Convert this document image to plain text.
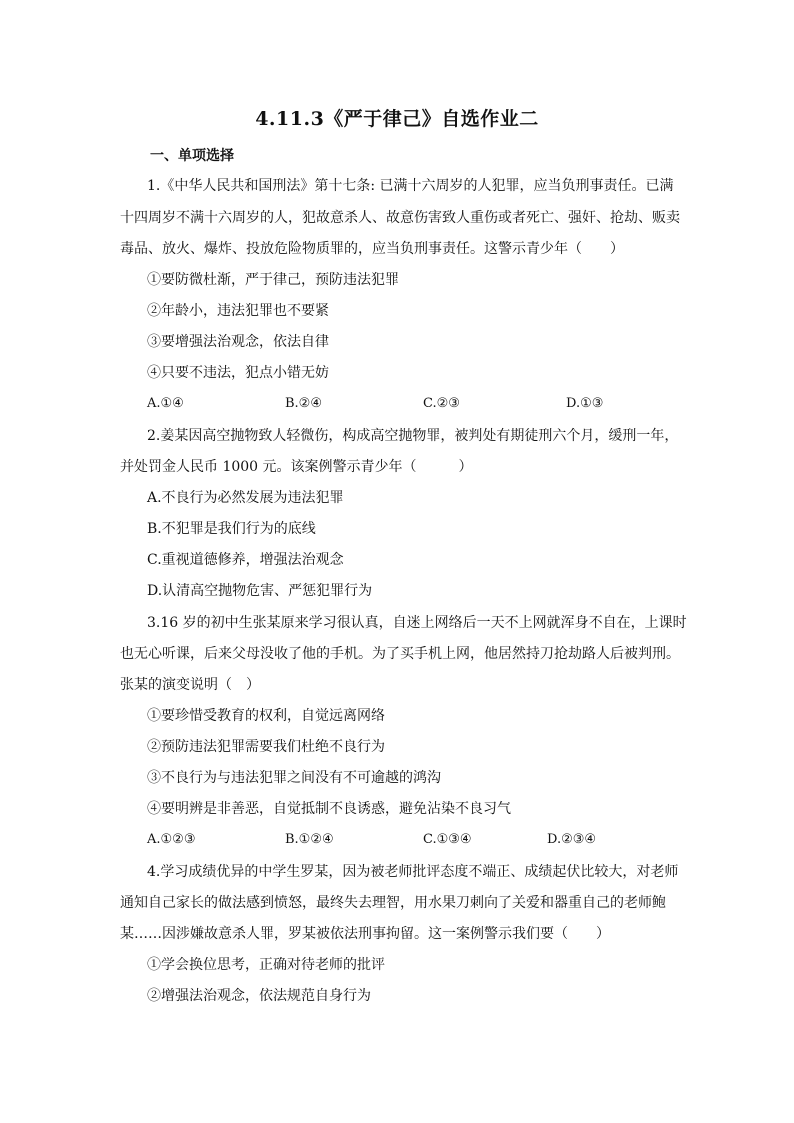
4.11.3《严于律己》自选作业二
一、单项选择
1.《中华人民共和国刑法》第十七条: 已满十六周岁的人犯罪，应当负刑事责任。已满
十四周岁不满十六周岁的人，犯故意杀人、故意伤害致人重伤或者死亡、强奸、抢劫、贩卖
毒品、放火、爆炸、投放危险物质罪的，应当负刑事责任。这警示青少年（　　）
①要防微杜渐，严于律己，预防违法犯罪
②年龄小，违法犯罪也不要紧
③要增强法治观念，依法自律
④只要不违法，犯点小错无妨
A.①④	B.②④	C.②③	D.①③
2.姜某因高空抛物致人轻微伤，构成高空抛物罪，被判处有期徒刑六个月，缓刑一年，
并处罚金人民币 1000 元。该案例警示青少年（　　　）
A.不良行为必然发展为违法犯罪
B.不犯罪是我们行为的底线
C.重视道德修养，增强法治观念
D.认清高空抛物危害、严惩犯罪行为
3.16 岁的初中生张某原来学习很认真，自迷上网络后一天不上网就浑身不自在，上课时
也无心听课，后来父母没收了他的手机。为了买手机上网，他居然持刀抢劫路人后被判刑。
张某的演变说明（　）
①要珍惜受教育的权利，自觉远离网络
②预防违法犯罪需要我们杜绝不良行为
③不良行为与违法犯罪之间没有不可逾越的鸿沟
④要明辨是非善恶，自觉抵制不良诱惑，避免沾染不良习气
A.①②③	B.①②④	C.①③④	D.②③④
4.学习成绩优异的中学生罗某，因为被老师批评态度不端正、成绩起伏比较大，对老师
通知自己家长的做法感到愤怒，最终失去理智，用水果刀刺向了关爱和器重自己的老师鲍
某……因涉嫌故意杀人罪，罗某被依法刑事拘留。这一案例警示我们要（　　）
①学会换位思考，正确对待老师的批评
②增强法治观念，依法规范自身行为
